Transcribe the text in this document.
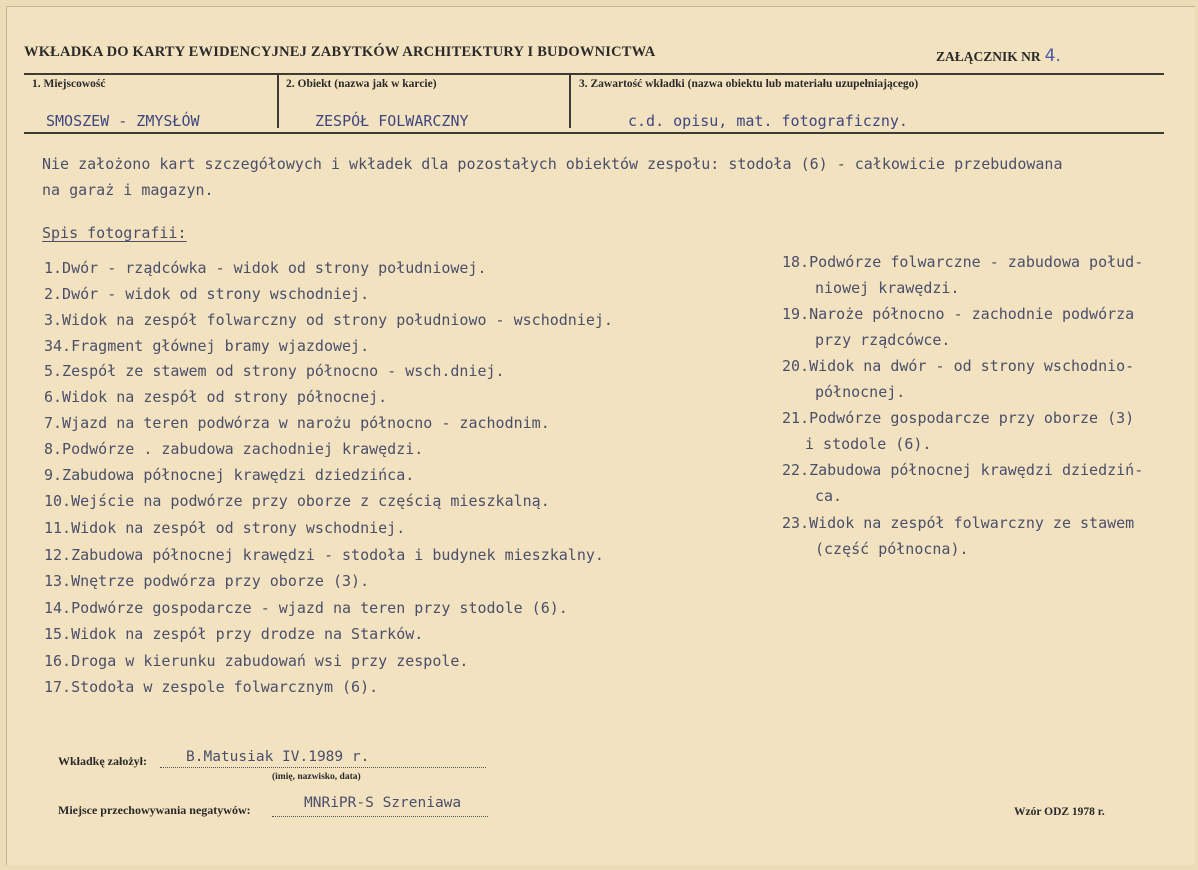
WKŁADKA DO KARTY EWIDENCYJNEJ ZABYTKÓW ARCHITEKTURY I BUDOWNICTWA	ZAŁĄCZNIK NR 4.
1. Miejscowość	2. Obiekt (nazwa jak w karcie)	3. Zawartość wkładki (nazwa obiektu lub materiału uzupełniającego)
SMOSZEW - ZMYSŁÓW	ZESPÓŁ FOLWARCZNY	c.d. opisu, mat. fotograficzny.
Nie założono kart szczegółowych i wkładek dla pozostałych obiektów zespołu: stodoła (6) - całkowicie przebudowana
na garaż i magazyn.
Spis fotografii:
1.Dwór - rządcówka - widok od strony południowej.
2.Dwór - widok od strony wschodniej.
3.Widok na zespół folwarczny od strony południowo - wschodniej.
34.Fragment głównej bramy wjazdowej.
5.Zespół ze stawem od strony północno - wsch.dniej.
6.Widok na zespół od strony północnej.
7.Wjazd na teren podwórza w narożu północno - zachodnim.
8.Podwórze . zabudowa zachodniej krawędzi.
9.Zabudowa północnej krawędzi dziedzińca.
10.Wejście na podwórze przy oborze z częścią mieszkalną.
11.Widok na zespół od strony wschodniej.
12.Zabudowa północnej krawędzi - stodoła i budynek mieszkalny.
13.Wnętrze podwórza przy oborze (3).
14.Podwórze gospodarcze - wjazd na teren przy stodole (6).
15.Widok na zespół przy drodze na Starków.
16.Droga w kierunku zabudowań wsi przy zespole.
17.Stodoła w zespole folwarcznym (6).
18.Podwórze folwarczne - zabudowa połud-
niowej krawędzi.
19.Naroże północno - zachodnie podwórza
przy rządcówce.
20.Widok na dwór - od strony wschodnio-
północnej.
21.Podwórze gospodarcze przy oborze (3)
i stodole (6).
22.Zabudowa północnej krawędzi dziedziń-
ca.
23.Widok na zespół folwarczny ze stawem
(część północna).
Wkładkę założył:	B.Matusiak IV.1989 r.
(imię, nazwisko, data)
Miejsce przechowywania negatywów:	MNRiPR-S Szreniawa
Wzór ODZ 1978 r.
